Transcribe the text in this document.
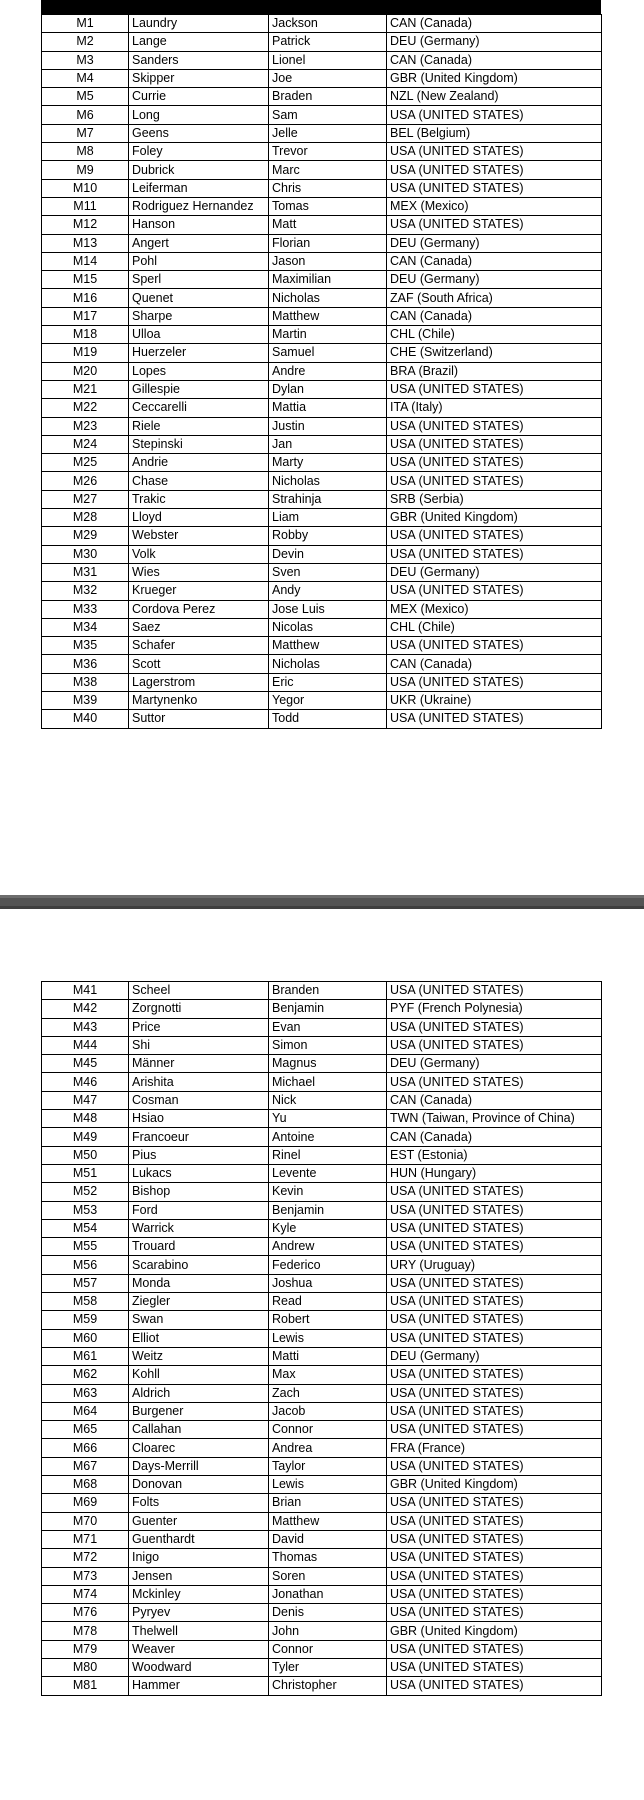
M1	Laundry	Jackson	CAN (Canada)
M2	Lange	Patrick	DEU (Germany)
M3	Sanders	Lionel	CAN (Canada)
M4	Skipper	Joe	GBR (United Kingdom)
M5	Currie	Braden	NZL (New Zealand)
M6	Long	Sam	USA (UNITED STATES)
M7	Geens	Jelle	BEL (Belgium)
M8	Foley	Trevor	USA (UNITED STATES)
M9	Dubrick	Marc	USA (UNITED STATES)
M10	Leiferman	Chris	USA (UNITED STATES)
M11	Rodriguez Hernandez	Tomas	MEX (Mexico)
M12	Hanson	Matt	USA (UNITED STATES)
M13	Angert	Florian	DEU (Germany)
M14	Pohl	Jason	CAN (Canada)
M15	Sperl	Maximilian	DEU (Germany)
M16	Quenet	Nicholas	ZAF (South Africa)
M17	Sharpe	Matthew	CAN (Canada)
M18	Ulloa	Martin	CHL (Chile)
M19	Huerzeler	Samuel	CHE (Switzerland)
M20	Lopes	Andre	BRA (Brazil)
M21	Gillespie	Dylan	USA (UNITED STATES)
M22	Ceccarelli	Mattia	ITA (Italy)
M23	Riele	Justin	USA (UNITED STATES)
M24	Stepinski	Jan	USA (UNITED STATES)
M25	Andrie	Marty	USA (UNITED STATES)
M26	Chase	Nicholas	USA (UNITED STATES)
M27	Trakic	Strahinja	SRB (Serbia)
M28	Lloyd	Liam	GBR (United Kingdom)
M29	Webster	Robby	USA (UNITED STATES)
M30	Volk	Devin	USA (UNITED STATES)
M31	Wies	Sven	DEU (Germany)
M32	Krueger	Andy	USA (UNITED STATES)
M33	Cordova Perez	Jose Luis	MEX (Mexico)
M34	Saez	Nicolas	CHL (Chile)
M35	Schafer	Matthew	USA (UNITED STATES)
M36	Scott	Nicholas	CAN (Canada)
M38	Lagerstrom	Eric	USA (UNITED STATES)
M39	Martynenko	Yegor	UKR (Ukraine)
M40	Suttor	Todd	USA (UNITED STATES)
M41	Scheel	Branden	USA (UNITED STATES)
M42	Zorgnotti	Benjamin	PYF (French Polynesia)
M43	Price	Evan	USA (UNITED STATES)
M44	Shi	Simon	USA (UNITED STATES)
M45	Männer	Magnus	DEU (Germany)
M46	Arishita	Michael	USA (UNITED STATES)
M47	Cosman	Nick	CAN (Canada)
M48	Hsiao	Yu	TWN (Taiwan, Province of China)
M49	Francoeur	Antoine	CAN (Canada)
M50	Pius	Rinel	EST (Estonia)
M51	Lukacs	Levente	HUN (Hungary)
M52	Bishop	Kevin	USA (UNITED STATES)
M53	Ford	Benjamin	USA (UNITED STATES)
M54	Warrick	Kyle	USA (UNITED STATES)
M55	Trouard	Andrew	USA (UNITED STATES)
M56	Scarabino	Federico	URY (Uruguay)
M57	Monda	Joshua	USA (UNITED STATES)
M58	Ziegler	Read	USA (UNITED STATES)
M59	Swan	Robert	USA (UNITED STATES)
M60	Elliot	Lewis	USA (UNITED STATES)
M61	Weitz	Matti	DEU (Germany)
M62	Kohll	Max	USA (UNITED STATES)
M63	Aldrich	Zach	USA (UNITED STATES)
M64	Burgener	Jacob	USA (UNITED STATES)
M65	Callahan	Connor	USA (UNITED STATES)
M66	Cloarec	Andrea	FRA (France)
M67	Days-Merrill	Taylor	USA (UNITED STATES)
M68	Donovan	Lewis	GBR (United Kingdom)
M69	Folts	Brian	USA (UNITED STATES)
M70	Guenter	Matthew	USA (UNITED STATES)
M71	Guenthardt	David	USA (UNITED STATES)
M72	Inigo	Thomas	USA (UNITED STATES)
M73	Jensen	Soren	USA (UNITED STATES)
M74	Mckinley	Jonathan	USA (UNITED STATES)
M76	Pyryev	Denis	USA (UNITED STATES)
M78	Thelwell	John	GBR (United Kingdom)
M79	Weaver	Connor	USA (UNITED STATES)
M80	Woodward	Tyler	USA (UNITED STATES)
M81	Hammer	Christopher	USA (UNITED STATES)
